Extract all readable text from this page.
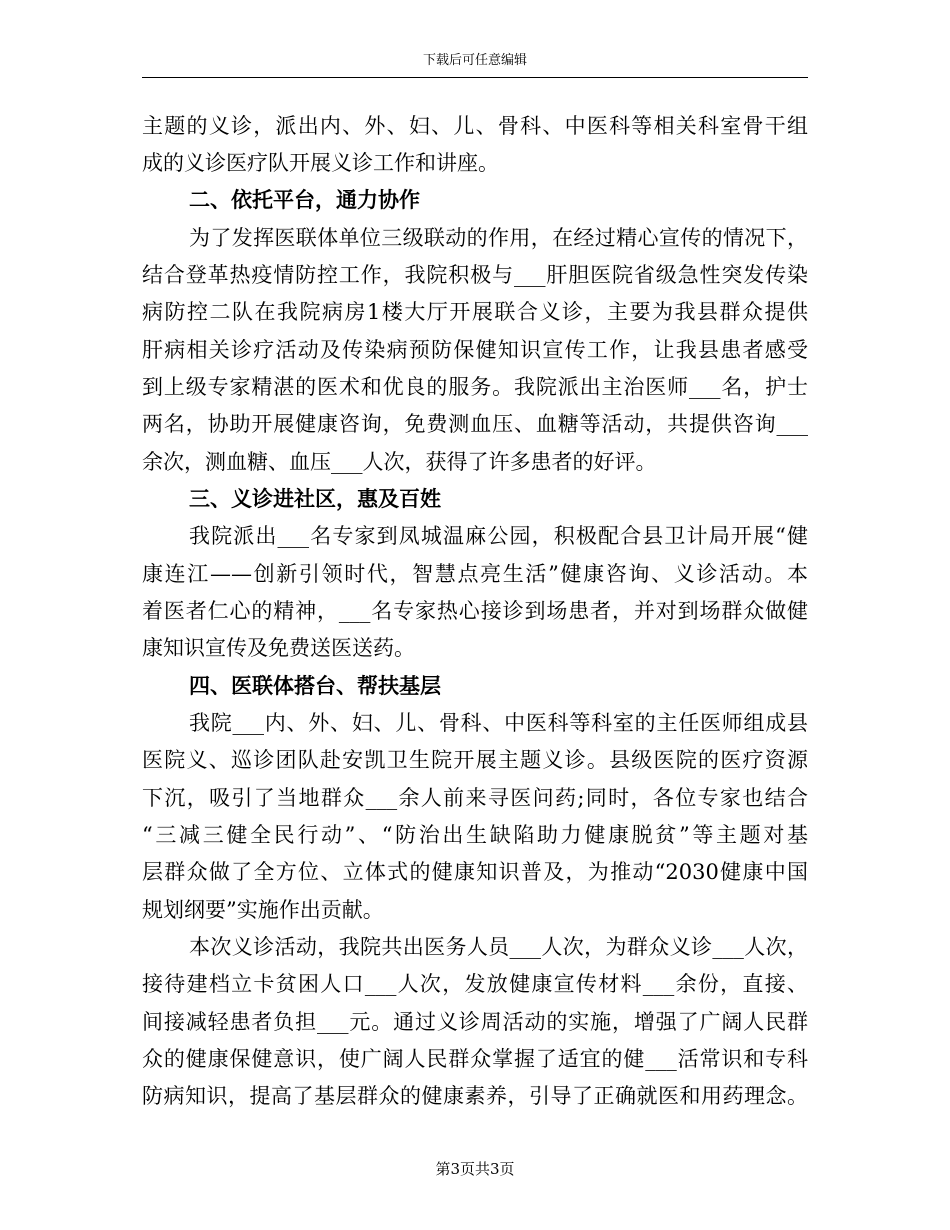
下载后可任意编辑
主题的义诊，派出内、外、妇、儿、骨科、中医科等相关科室骨干组
成的义诊医疗队开展义诊工作和讲座。
二、依托平台，通力协作
为了发挥医联体单位三级联动的作用，在经过精心宣传的情况下，
结合登革热疫情防控工作，我院积极与___肝胆医院省级急性突发传染
病防控二队在我院病房1楼大厅开展联合义诊，主要为我县群众提供
肝病相关诊疗活动及传染病预防保健知识宣传工作，让我县患者感受
到上级专家精湛的医术和优良的服务。我院派出主治医师___名，护士
两名，协助开展健康咨询，免费测血压、血糖等活动，共提供咨询___
余次，测血糖、血压___人次，获得了许多患者的好评。
三、义诊进社区，惠及百姓
我院派出___名专家到凤城温麻公园，积极配合县卫计局开展“健
康连江——创新引领时代，智慧点亮生活”健康咨询、义诊活动。本
着医者仁心的精神，___名专家热心接诊到场患者，并对到场群众做健
康知识宣传及免费送医送药。
四、医联体搭台、帮扶基层
我院___内、外、妇、儿、骨科、中医科等科室的主任医师组成县
医院义、巡诊团队赴安凯卫生院开展主题义诊。县级医院的医疗资源
下沉，吸引了当地群众___余人前来寻医问药;同时，各位专家也结合
“三减三健全民行动”、“防治出生缺陷助力健康脱贫”等主题对基
层群众做了全方位、立体式的健康知识普及，为推动“2030健康中国
规划纲要”实施作出贡献。
本次义诊活动，我院共出医务人员___人次，为群众义诊___人次，
接待建档立卡贫困人口___人次，发放健康宣传材料___余份，直接、
间接减轻患者负担___元。通过义诊周活动的实施，增强了广阔人民群
众的健康保健意识，使广阔人民群众掌握了适宜的健___活常识和专科
防病知识，提高了基层群众的健康素养，引导了正确就医和用药理念。
第3页共3页
